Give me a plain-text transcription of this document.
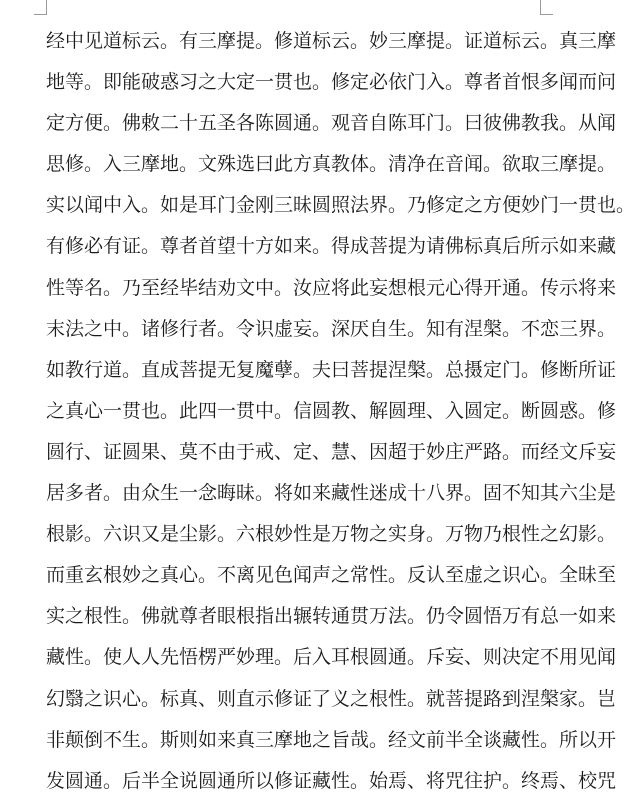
经中见道标云。有三摩提。修道标云。妙三摩提。证道标云。真三摩
地等。即能破惑习之大定一贯也。修定必依门入。尊者首恨多闻而问
定方便。佛敕二十五圣各陈圆通。观音自陈耳门。曰彼佛教我。从闻
思修。入三摩地。文殊选曰此方真教体。清净在音闻。欲取三摩提。
实以闻中入。如是耳门金刚三昧圆照法界。乃修定之方便妙门一贯也。
有修必有证。尊者首望十方如来。得成菩提为请佛标真后所示如来藏
性等名。乃至经毕结劝文中。汝应将此妄想根元心得开通。传示将来
末法之中。诸修行者。令识虚妄。深厌自生。知有涅槃。不恋三界。
如教行道。直成菩提无复魔孽。夫曰菩提涅槃。总摄定门。修断所证
之真心一贯也。此四一贯中。信圆教、解圆理、入圆定。断圆惑。修
圆行、证圆果、莫不由于戒、定、慧、因超于妙庄严路。而经文斥妄
居多者。由众生一念晦昧。将如来藏性迷成十八界。固不知其六尘是
根影。六识又是尘影。六根妙性是万物之实身。万物乃根性之幻影。
而重玄根妙之真心。不离见色闻声之常性。反认至虚之识心。全昧至
实之根性。佛就尊者眼根指出辗转通贯万法。仍令圆悟万有总一如来
藏性。使人人先悟楞严妙理。后入耳根圆通。斥妄、则决定不用见闻
幻翳之识心。标真、则直示修证了义之根性。就菩提路到涅槃家。岂
非颠倒不生。斯则如来真三摩地之旨哉。经文前半全谈藏性。所以开
发圆通。后半全说圆通所以修证藏性。始焉、将咒往护。终焉、校咒
